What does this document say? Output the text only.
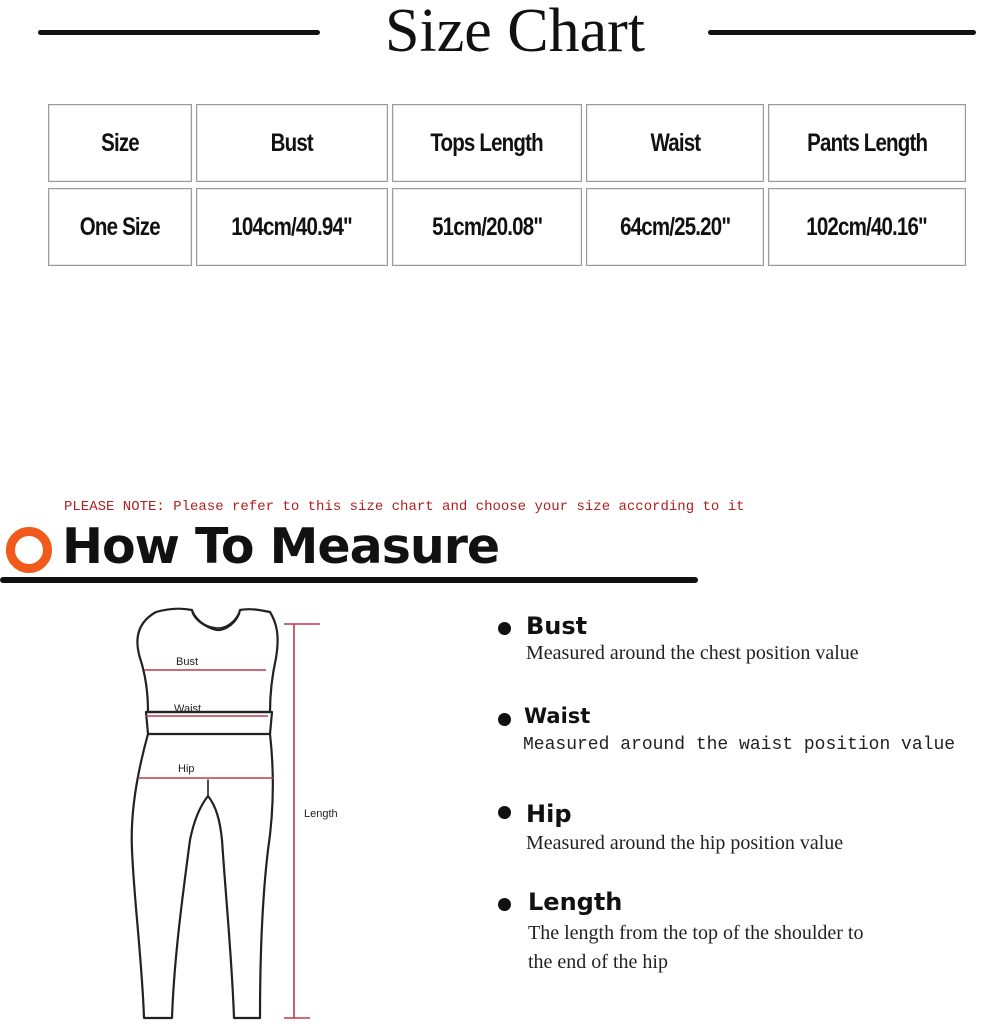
Size Chart
Size	Bust	Tops Length	Waist	Pants Length
One Size	104cm/40.94"	51cm/20.08"	64cm/25.20"	102cm/40.16"
PLEASE NOTE: Please refer to this size chart and choose your size according to it
How To Measure
Bust
Waist
Hip
Length
Bust
Measured around the chest position value
Waist
Measured around the waist position value
Hip
Measured around the hip position value
Length
The length from the top of the shoulder to
the end of the hip
